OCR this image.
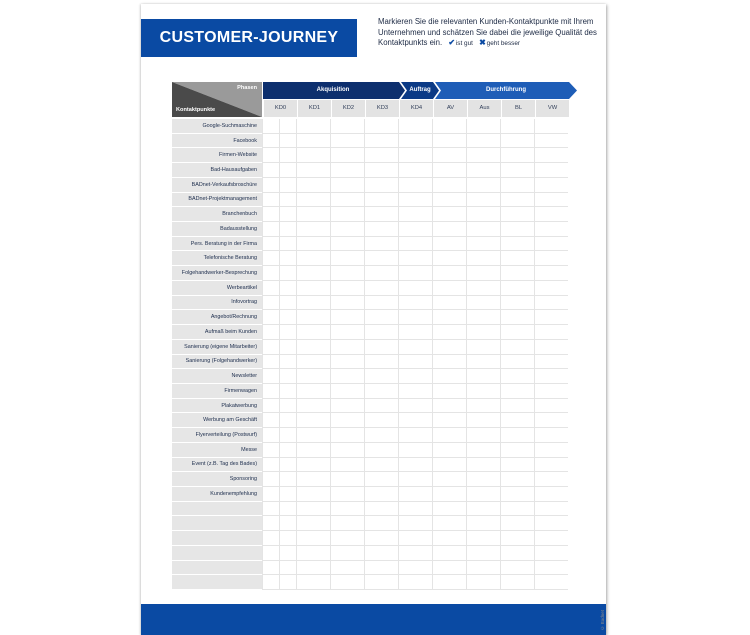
CUSTOMER-JOURNEY
Markieren Sie die relevanten Kunden-Kontaktpunkte mit Ihrem Unternehmen und schätzen Sie dabei die jeweilige Qualität des Kontaktpunkts ein. ✔ist gut ✖geht besser
Phasen
Kontaktpunkte
Akquisition	Auftrag	Durchführung
KD0	KD1	KD2	KD3	KD4	AV	Aus	BL	VW
Google-Suchmaschine
Facebook
Firmen-Website
Bad-Hausaufgaben
BADnet-Verkaufsbroschüre
BADnet-Projektmanagement
Branchenbuch
Badausstellung
Pers. Beratung in der Firma
Telefonische Beratung
Folgehandwerker-Besprechung
Werbeartikel
Infovortrag
Angebot/Rechnung
Aufmaß beim Kunden
Sanierung (eigene Mitarbeiter)
Sanierung (Folgehandwerker)
Newsletter
Firmenwagen
Plakatwerbung
Werbung am Geschäft
Flyerverteilung (Postwurf)
Messe
Event (z.B. Tag des Bades)
Sponsoring
Kundenempfehlung
© Badnet
